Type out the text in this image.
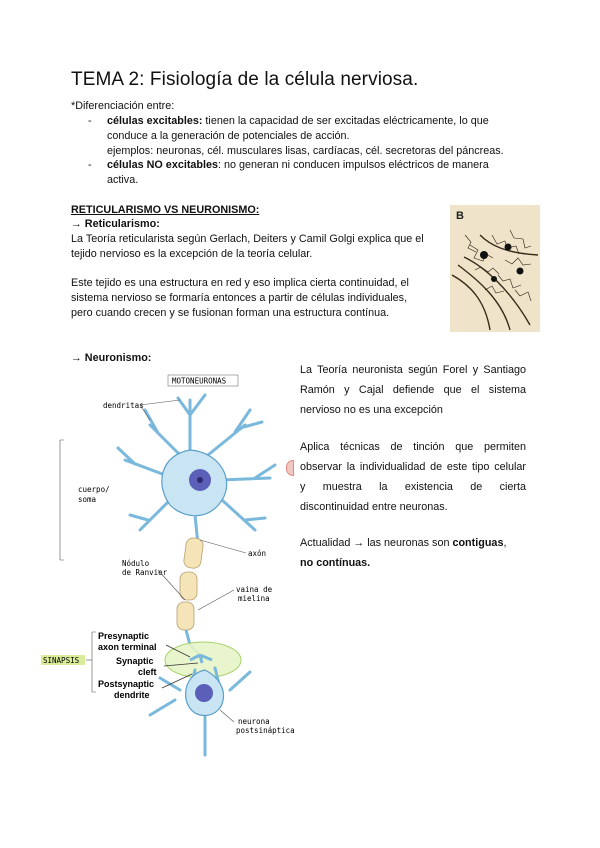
TEMA 2: Fisiología de la célula nerviosa.
*Diferenciación entre:
- células excitables: tienen la capacidad de ser excitadas eléctricamente, lo que
conduce a la generación de potenciales de acción.
ejemplos: neuronas, cél. musculares lisas, cardíacas, cél. secretoras del páncreas.
- células NO excitables: no generan ni conducen impulsos eléctricos de manera
activa.
RETICULARISMO VS NEURONISMO:
→ Reticularismo:
La Teoría reticularista según Gerlach, Deiters y Camil Golgi explica que el
tejido nervioso es la excepción de la teoría celular.
Este tejido es una estructura en red y eso implica cierta continuidad, el
sistema nervioso se formaría entonces a partir de células individuales,
pero cuando crecen y se fusionan forman una estructura contínua.
B
→ Neuronismo:
La Teoría neuronista según Forel y Santiago
Ramón y Cajal defiende que el sistema
nervioso no es una excepción
Aplica técnicas de tinción que permiten
observar la individualidad de este tipo celular
y muestra la existencia de cierta
discontinuidad entre neuronas.
Actualidad → las neuronas son contiguas,
no contínuas.
MOTONEURONAS
dendritas
cuerpo/
soma
axón
Nódulo
de Ranvier
vaina de
mielina
SINAPSIS
Presynaptic
axon terminal
Synaptic
cleft
Postsynaptic
dendrite
neurona
postsináptica
